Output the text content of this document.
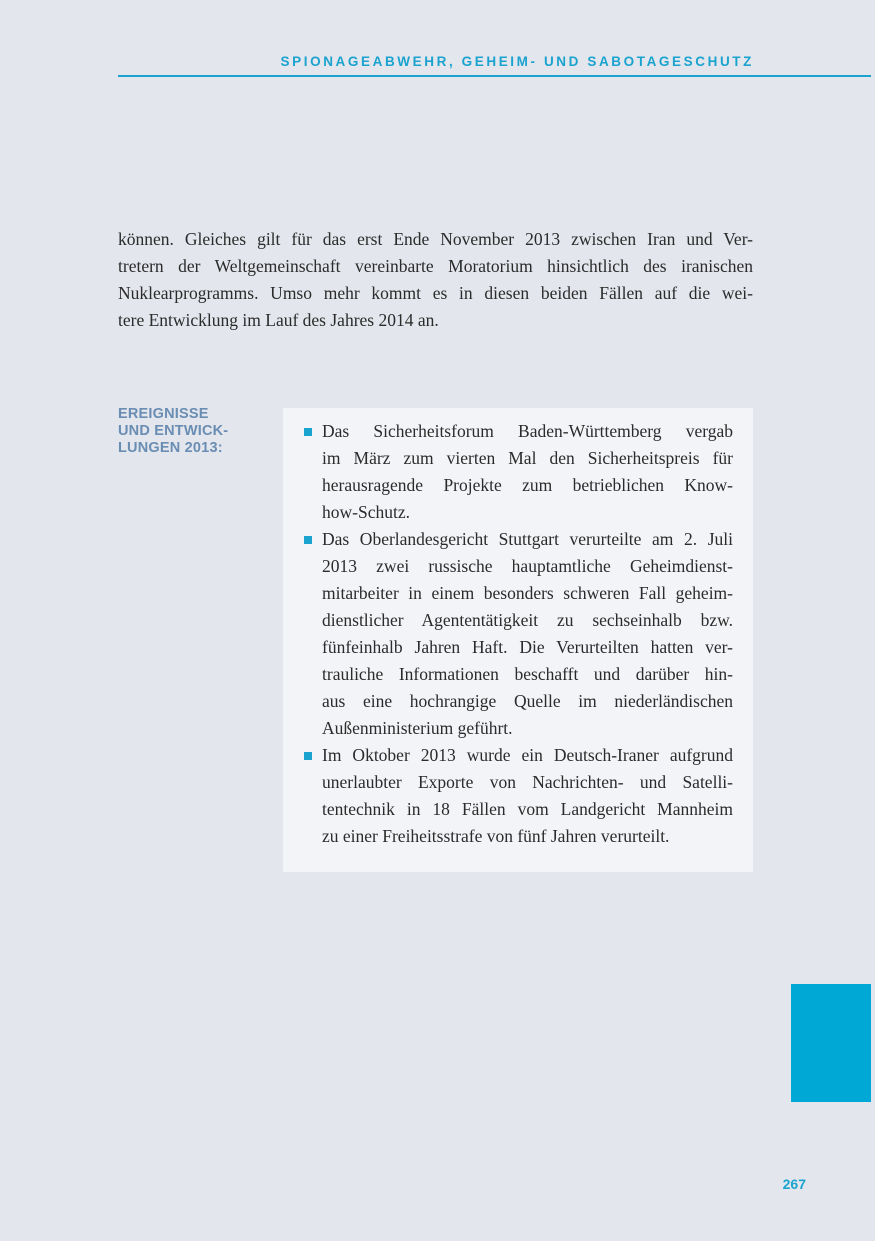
SPIONAGEABWEHR, GEHEIM- UND SABOTAGESCHUTZ
können. Gleiches gilt für das erst Ende November 2013 zwischen Iran und Ver-
tretern der Weltgemeinschaft vereinbarte Moratorium hinsichtlich des iranischen
Nuklearprogramms. Umso mehr kommt es in diesen beiden Fällen auf die wei-
tere Entwicklung im Lauf des Jahres 2014 an.
EREIGNISSE
UND ENTWICK-
LUNGEN 2013:
Das Sicherheitsforum Baden-Württemberg vergab
im März zum vierten Mal den Sicherheitspreis für
herausragende Projekte zum betrieblichen Know-
how-Schutz.
Das Oberlandesgericht Stuttgart verurteilte am 2. Juli
2013 zwei russische hauptamtliche Geheimdienst-
mitarbeiter in einem besonders schweren Fall geheim-
dienstlicher Agententätigkeit zu sechseinhalb bzw.
fünfeinhalb Jahren Haft. Die Verurteilten hatten ver-
trauliche Informationen beschafft und darüber hin-
aus eine hochrangige Quelle im niederländischen
Außenministerium geführt.
Im Oktober 2013 wurde ein Deutsch-Iraner aufgrund
unerlaubter Exporte von Nachrichten- und Satelli-
tentechnik in 18 Fällen vom Landgericht Mannheim
zu einer Freiheitsstrafe von fünf Jahren verurteilt.
267
